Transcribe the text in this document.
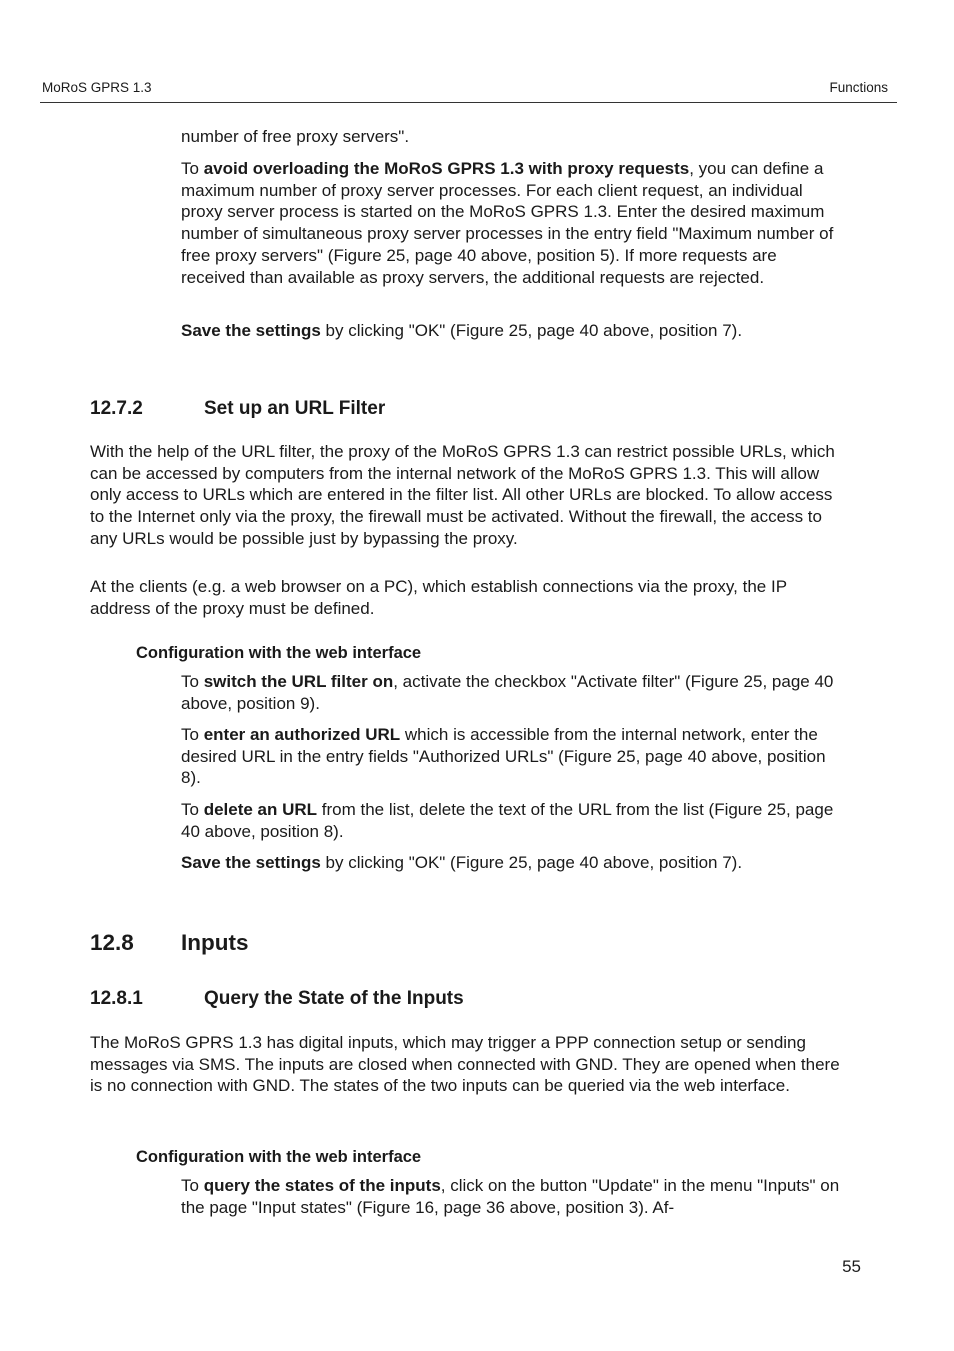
MoRoS GPRS 1.3	Functions

number of free proxy servers".

To avoid overloading the MoRoS GPRS 1.3 with proxy requests, you can define a maximum number of proxy server processes. For each client request, an individual proxy server process is started on the MoRoS GPRS 1.3. Enter the desired maximum number of simultaneous proxy server processes in the entry field "Maximum number of free proxy servers" (Figure 25, page 40 above, position 5). If more requests are received than available as proxy servers, the additional requests are rejected.

Save the settings by clicking "OK" (Figure 25, page 40 above, position 7).

12.7.2	Set up an URL Filter

With the help of the URL filter, the proxy of the MoRoS GPRS 1.3 can restrict possible URLs, which can be accessed by computers from the internal network of the MoRoS GPRS 1.3. This will allow only access to URLs which are entered in the filter list. All other URLs are blocked. To allow access to the Internet only via the proxy, the firewall must be activated. Without the firewall, the access to any URLs would be possible just by bypassing the proxy.

At the clients (e.g. a web browser on a PC), which establish connections via the proxy, the IP address of the proxy must be defined.

Configuration with the web interface

To switch the URL filter on, activate the checkbox "Activate filter" (Figure 25, page 40 above, position 9).

To enter an authorized URL which is accessible from the internal network, enter the desired URL in the entry fields "Authorized URLs" (Figure 25, page 40 above, position 8).

To delete an URL from the list, delete the text of the URL from the list (Figure 25, page 40 above, position 8).

Save the settings by clicking "OK" (Figure 25, page 40 above, position 7).

12.8 Inputs
12.8.1	Query the State of the Inputs

The MoRoS GPRS 1.3 has digital inputs, which may trigger a PPP connection setup or sending messages via SMS. The inputs are closed when connected with GND. They are opened when there is no connection with GND. The states of the two inputs can be queried via the web interface.

Configuration with the web interface

To query the states of the inputs, click on the button "Update" in the menu "Inputs" on the page "Input states" (Figure 16, page 36 above, position 3). Af-

55
